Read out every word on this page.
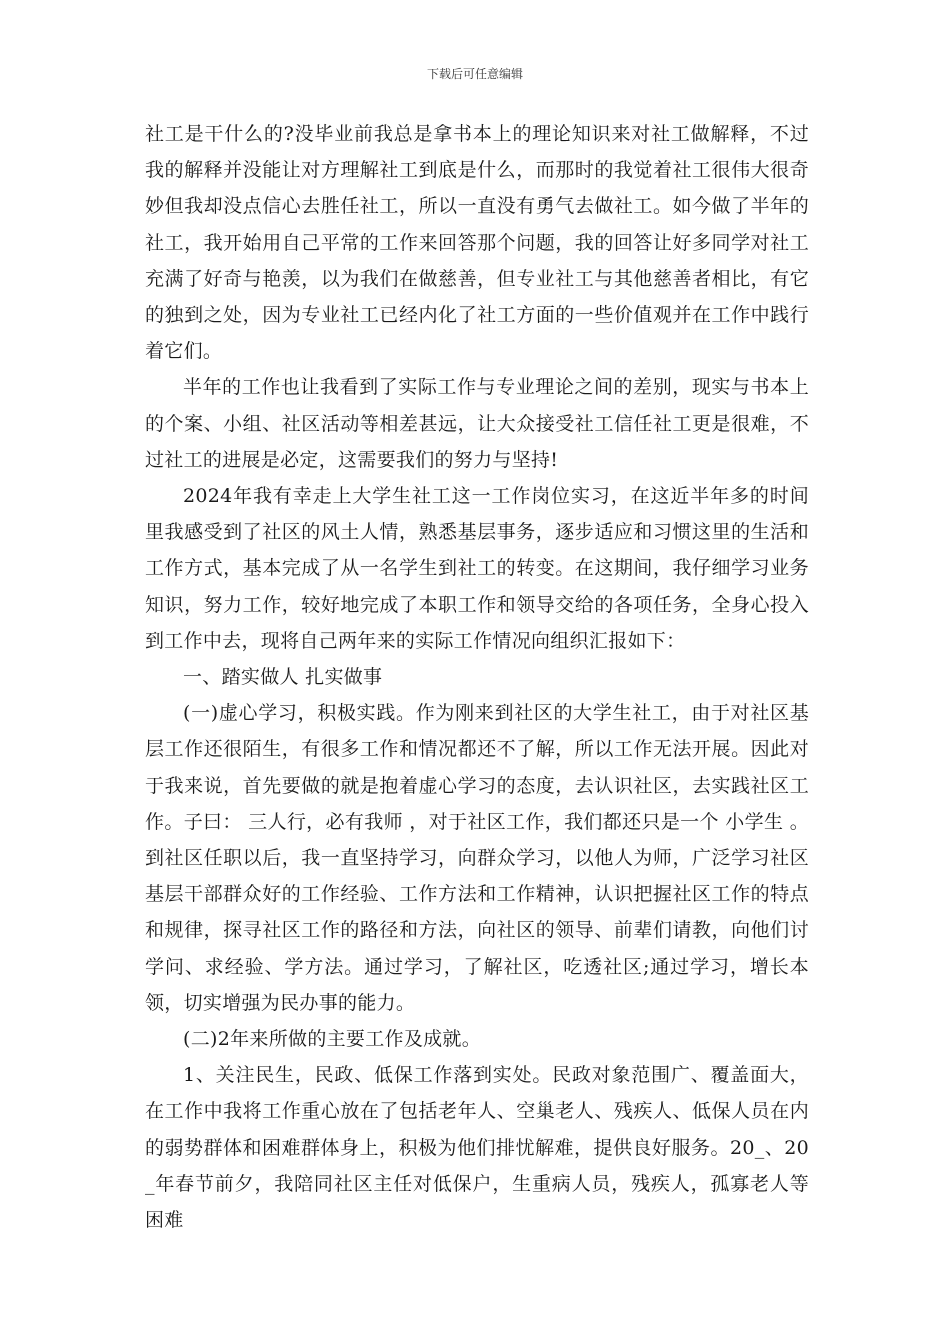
下载后可任意编辑

社工是干什么的?没毕业前我总是拿书本上的理论知识来对社工做解释，不过我的解释并没能让对方理解社工到底是什么，而那时的我觉着社工很伟大很奇妙但我却没点信心去胜任社工，所以一直没有勇气去做社工。如今做了半年的社工，我开始用自己平常的工作来回答那个问题，我的回答让好多同学对社工充满了好奇与艳羡，以为我们在做慈善，但专业社工与其他慈善者相比，有它的独到之处，因为专业社工已经内化了社工方面的一些价值观并在工作中践行着它们。

半年的工作也让我看到了实际工作与专业理论之间的差别，现实与书本上的个案、小组、社区活动等相差甚远，让大众接受社工信任社工更是很难，不过社工的进展是必定，这需要我们的努力与坚持!

2024年我有幸走上大学生社工这一工作岗位实习，在这近半年多的时间里我感受到了社区的风土人情，熟悉基层事务，逐步适应和习惯这里的生活和工作方式，基本完成了从一名学生到社工的转变。在这期间，我仔细学习业务知识，努力工作，较好地完成了本职工作和领导交给的各项任务，全身心投入到工作中去，现将自己两年来的实际工作情况向组织汇报如下：

一、踏实做人 扎实做事

(一)虚心学习，积极实践。作为刚来到社区的大学生社工，由于对社区基层工作还很陌生，有很多工作和情况都还不了解，所以工作无法开展。因此对于我来说，首先要做的就是抱着虚心学习的态度，去认识社区，去实践社区工作。子曰： 三人行，必有我师 ，对于社区工作，我们都还只是一个 小学生 。到社区任职以后，我一直坚持学习，向群众学习，以他人为师，广泛学习社区基层干部群众好的工作经验、工作方法和工作精神，认识把握社区工作的特点和规律，探寻社区工作的路径和方法，向社区的领导、前辈们请教，向他们讨学问、求经验、学方法。通过学习，了解社区，吃透社区;通过学习，增长本领，切实增强为民办事的能力。

(二)2年来所做的主要工作及成就。

1、关注民生，民政、低保工作落到实处。民政对象范围广、覆盖面大，在工作中我将工作重心放在了包括老年人、空巢老人、残疾人、低保人员在内的弱势群体和困难群体身上，积极为他们排忧解难，提供良好服务。20_、20_年春节前夕，我陪同社区主任对低保户，生重病人员，残疾人，孤寡老人等困难
